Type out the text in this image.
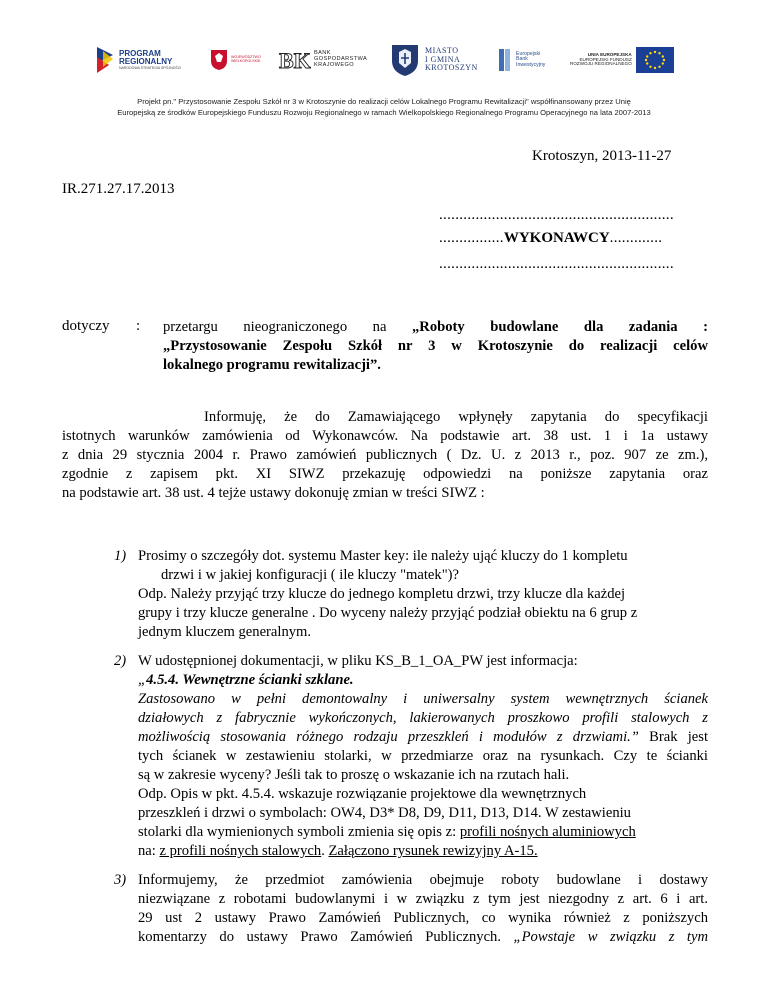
PROGRAM
REGIONALNY
NARODOWA STRATEGIA SPÓJNOŚCI
WOJEWÓDZTWO WIELKOPOLSKIE BK BANK
GOSPODARSTWA
KRAJOWEGO
MIASTO
I GMINA
KROTOSZYN
Europejski
Bank
Inwestycyjny
UNIA EUROPEJSKA
EUROPEJSKI FUNDUSZ
ROZWOJU REGIONALNEGO
Projekt pn." Przystosowanie Zespołu Szkół nr 3 w Krotoszynie do realizacji celów Lokalnego Programu Rewitalizacji" współfinansowany przez Unię
Europejską ze środków Europejskiego Funduszu Rozwoju Regionalnego w ramach Wielkopolskiego Regionalnego Programu Operacyjnego na lata 2007-2013
Krotoszyn, 2013-11-27
IR.271.27.17.2013
..........................................................
................WYKONAWCY.............
..........................................................
dotyczy : przetargu nieograniczonego na „Roboty budowlane dla zadania :
„Przystosowanie Zespołu Szkół nr 3 w Krotoszynie do realizacji celów
lokalnego programu rewitalizacji”.
Informuję, że do Zamawiającego wpłynęły zapytania do specyfikacji
istotnych warunków zamówienia od Wykonawców. Na podstawie art. 38 ust. 1 i 1a ustawy
z dnia 29 stycznia 2004 r. Prawo zamówień publicznych ( Dz. U. z 2013 r., poz. 907 ze zm.),
zgodnie z zapisem pkt. XI SIWZ przekazuję odpowiedzi na poniższe zapytania oraz
na podstawie art. 38 ust. 4 tejże ustawy dokonuję zmian w treści SIWZ :
1) Prosimy o szczegóły dot. systemu Master key: ile należy ująć kluczy do 1 kompletu
drzwi i w jakiej konfiguracji ( ile kluczy "matek")?
Odp. Należy przyjąć trzy klucze do jednego kompletu drzwi, trzy klucze dla każdej
grupy i trzy klucze generalne . Do wyceny należy przyjąć podział obiektu na 6 grup z
jednym kluczem generalnym.
2) W udostępnionej dokumentacji, w pliku KS_B_1_OA_PW jest informacja:
„4.5.4. Wewnętrzne ścianki szklane.
Zastosowano w pełni demontowalny i uniwersalny system wewnętrznych ścianek
działowych z fabrycznie wykończonych, lakierowanych proszkowo profili stalowych z
możliwością stosowania różnego rodzaju przeszkleń i modułów z drzwiami.” Brak jest
tych ścianek w zestawieniu stolarki, w przedmiarze oraz na rysunkach. Czy te ścianki
są w zakresie wyceny? Jeśli tak to proszę o wskazanie ich na rzutach hali.
Odp. Opis w pkt. 4.5.4. wskazuje rozwiązanie projektowe dla wewnętrznych
przeszkleń i drzwi o symbolach: OW4, D3* D8, D9, D11, D13, D14. W zestawieniu
stolarki dla wymienionych symboli zmienia się opis z: profili nośnych aluminiowych
na: z profili nośnych stalowych. Załączono rysunek rewizyjny A-15.
3) Informujemy, że przedmiot zamówienia obejmuje roboty budowlane i dostawy
niezwiązane z robotami budowlanymi i w związku z tym jest niezgodny z art. 6 i art.
29 ust 2 ustawy Prawo Zamówień Publicznych, co wynika również z poniższych
komentarzy do ustawy Prawo Zamówień Publicznych. „Powstaje w związku z tym
